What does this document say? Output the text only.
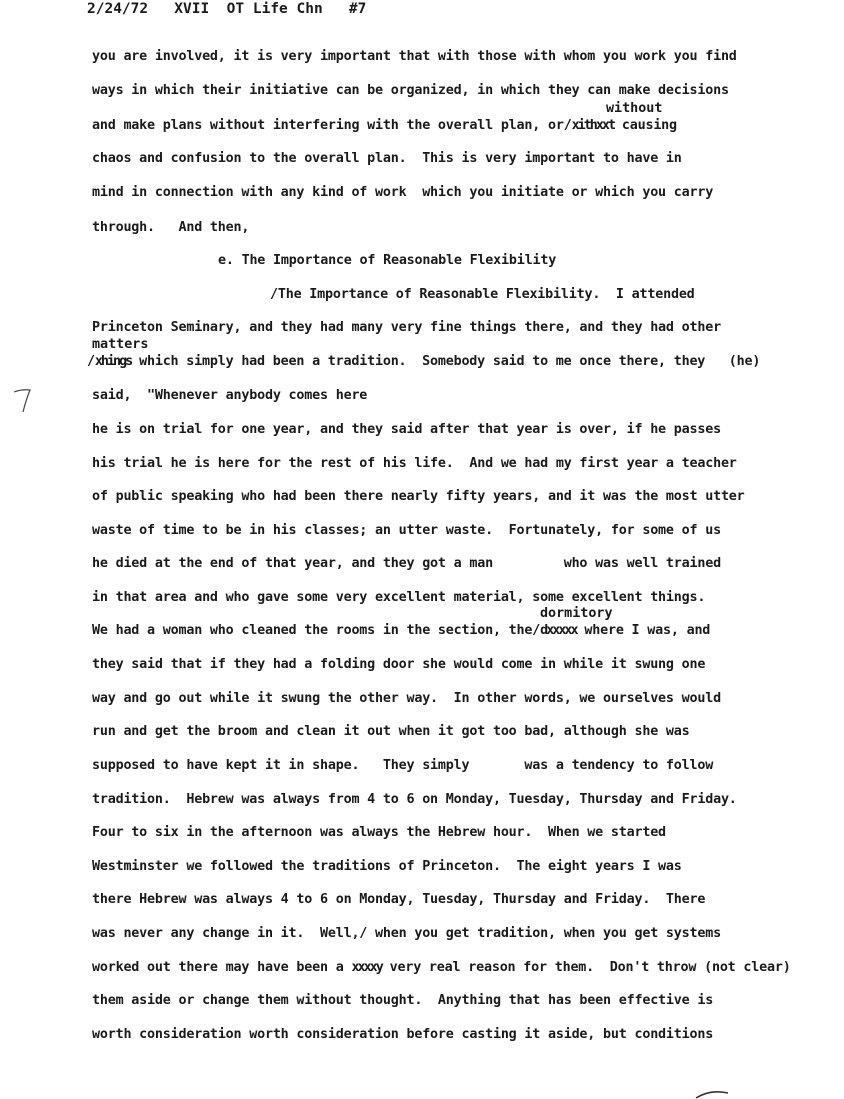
2/24/72   XVII  OT Life Chn   #7
you are involved, it is very important that with those with whom you work you find
ways in which their initiative can be organized, in which they can make decisions
without
and make plans without interfering with the overall plan, or/xithxxt causing
chaos and confusion to the overall plan.  This is very important to have in
mind in connection with any kind of work  which you initiate or which you carry
through.   And then,
e. The Importance of Reasonable Flexibility
/The Importance of Reasonable Flexibility.  I attended
Princeton Seminary, and they had many very fine things there, and they had other
matters
/xhings which simply had been a tradition.  Somebody said to me once there, they   (he)
said,  "Whenever anybody comes here
he is on trial for one year, and they said after that year is over, if he passes
his trial he is here for the rest of his life.  And we had my first year a teacher
of public speaking who had been there nearly fifty years, and it was the most utter
waste of time to be in his classes; an utter waste.  Fortunately, for some of us
he died at the end of that year, and they got a man         who was well trained
in that area and who gave some very excellent material, some excellent things.
dormitory
We had a woman who cleaned the rooms in the section, the/dxxxxx where I was, and
they said that if they had a folding door she would come in while it swung one
way and go out while it swung the other way.  In other words, we ourselves would
run and get the broom and clean it out when it got too bad, although she was
supposed to have kept it in shape.   They simply       was a tendency to follow
tradition.  Hebrew was always from 4 to 6 on Monday, Tuesday, Thursday and Friday.
Four to six in the afternoon was always the Hebrew hour.  When we started
Westminster we followed the traditions of Princeton.  The eight years I was
there Hebrew was always 4 to 6 on Monday, Tuesday, Thursday and Friday.  There
was never any change in it.  Well,/ when you get tradition, when you get systems
worked out there may have been a xxxxy very real reason for them.  Don't throw (not clear)
them aside or change them without thought.  Anything that has been effective is
worth consideration worth consideration before casting it aside, but conditions
